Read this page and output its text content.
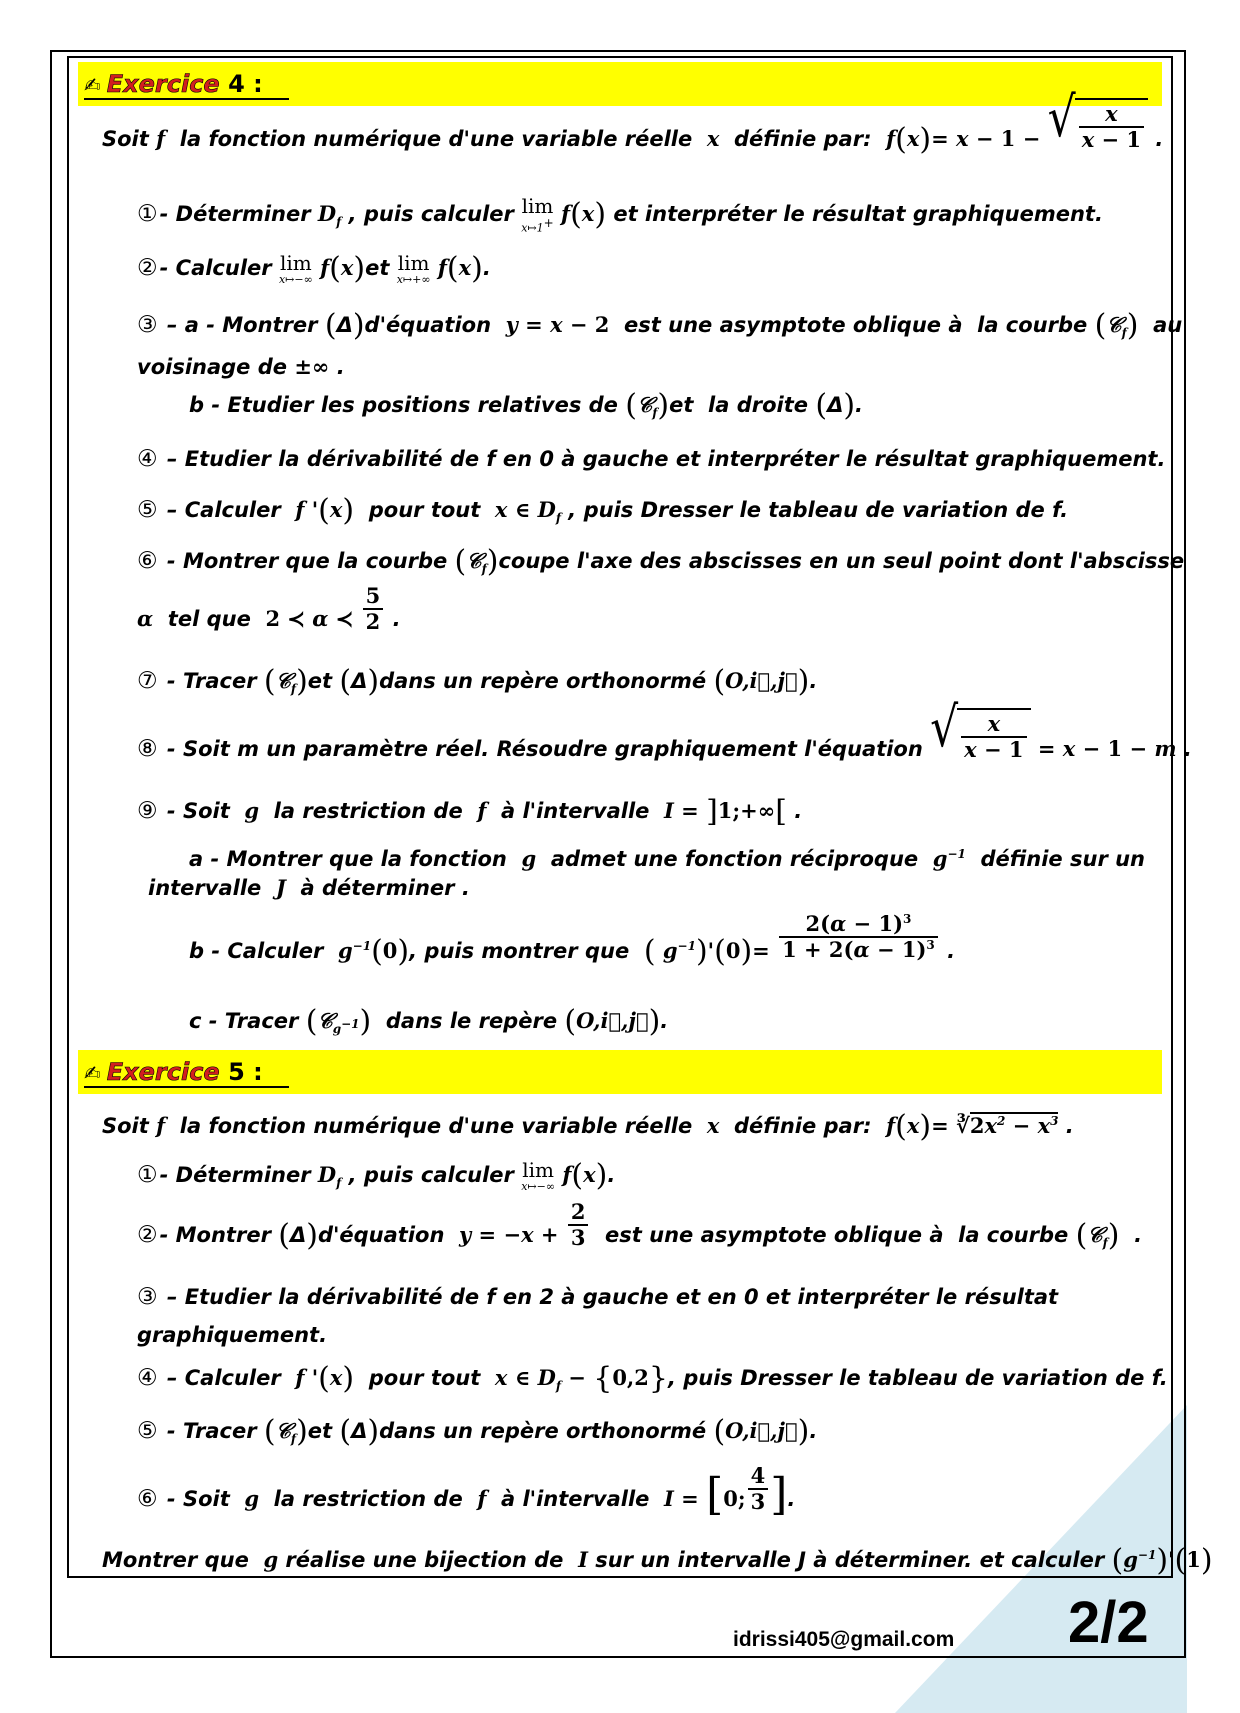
✍ Exercice 4 :
Soit f  la fonction numérique d'une variable réelle  x  définie par:  f(x)= x − 1 − √ $\frac{x}{x - 1}$ .
①- Déterminer $D_f$ , puis calculer lim
x↦1+ f(x) et interpréter le résultat graphiquement.
②- Calculer lim
x↦−∞ f(x)et lim
x↦+∞ f(x).
③ – a - Montrer (Δ)d'équation  y = x − 2  est une asymptote oblique à  la courbe (𝒞$_f$)  au
voisinage de ±∞ .
b - Etudier les positions relatives de (𝒞$_f$)et  la droite (Δ).
④ – Etudier la dérivabilité de f en 0 à gauche et interpréter le résultat graphiquement.
⑤ – Calculer  f '(x)  pour tout  x ∈ $D_f$ , puis Dresser le tableau de variation de f.
⑥ - Montrer que la courbe (𝒞$_f$)coupe l'axe des abscisses en un seul point dont l'abscisse
α  tel que  2 ≺ α ≺ $\frac{5}{2}$ .
⑦ - Tracer (𝒞$_f$)et (Δ)dans un repère orthonormé (O,i⃗,j⃗).
⑧ - Soit m un paramètre réel. Résoudre graphiquement l'équation √ $\frac{x}{x - 1} = x - 1 - m$ .
⑨ - Soit  g  la restriction de  f  à l'intervalle  I = ]1;+∞[ .
a - Montrer que la fonction  g  admet une fonction réciproque  $g^{-1}$  définie sur un
intervalle  J  à déterminer .
b - Calculer  $g^{-1}(0)$, puis montrer que  ( $g^{-1})'(0)= \frac{2(\alpha - 1)^3}{1 + 2(\alpha - 1)^3}$ .
c - Tracer (𝒞$_{g^{-1}}$)  dans le repère (O,i⃗,j⃗).
✍ Exercice 5 :
Soit f  la fonction numérique d'une variable réelle  x  définie par:  $f(x)= ∛2x^2 - x^3$ .
①- Déterminer $D_f$ , puis calculer lim
x↦−∞ f(x).
②- Montrer (Δ)d'équation  $y = -x + \frac{2}{3}$ est une asymptote oblique à  la courbe (𝒞$_f$)  .
③ – Etudier la dérivabilité de f en 2 à gauche et en 0 et interpréter le résultat
graphiquement.
④ – Calculer  f '(x)  pour tout  x ∈ $D_f - \{0,2\}$, puis Dresser le tableau de variation de f.
⑤ - Tracer (𝒞$_f$)et (Δ)dans un repère orthonormé (O,i⃗,j⃗).
⑥ - Soit  g  la restriction de  f  à l'intervalle  I = [0; $\frac{4}{3}$ ].
Montrer que  g réalise une bijection de  I sur un intervalle J à déterminer. et calculer $(g^{-1})'(1)$
idrissi405@gmail.com 2/2
